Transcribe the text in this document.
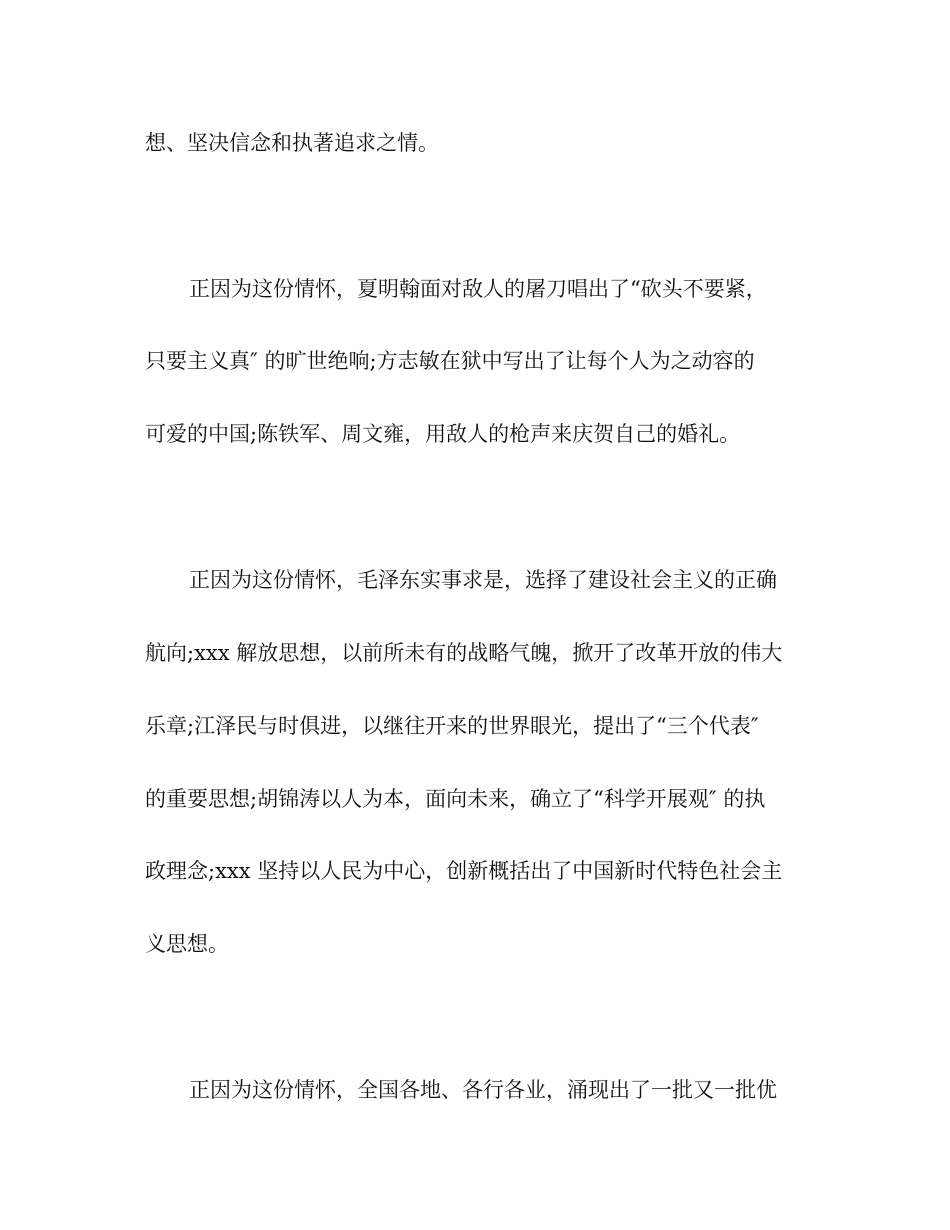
想、坚决信念和执著追求之情。

正因为这份情怀，夏明翰面对敌人的屠刀唱出了“砍头不要紧，

只要主义真″ 的旷世绝响;方志敏在狱中写出了让每个人为之动容的

可爱的中国;陈铁军、周文雍，用敌人的枪声来庆贺自己的婚礼。

正因为这份情怀，毛泽东实事求是，选择了建设社会主义的正确

航向;xxx 解放思想，以前所未有的战略气魄，掀开了改革开放的伟大

乐章;江泽民与时俱进，以继往开来的世界眼光，提出了“三个代表″

的重要思想;胡锦涛以人为本，面向未来，确立了“科学开展观″ 的执

政理念;xxx 坚持以人民为中心，创新概括出了中国新时代特色社会主

义思想。

正因为这份情怀，全国各地、各行各业，涌现出了一批又一批优
